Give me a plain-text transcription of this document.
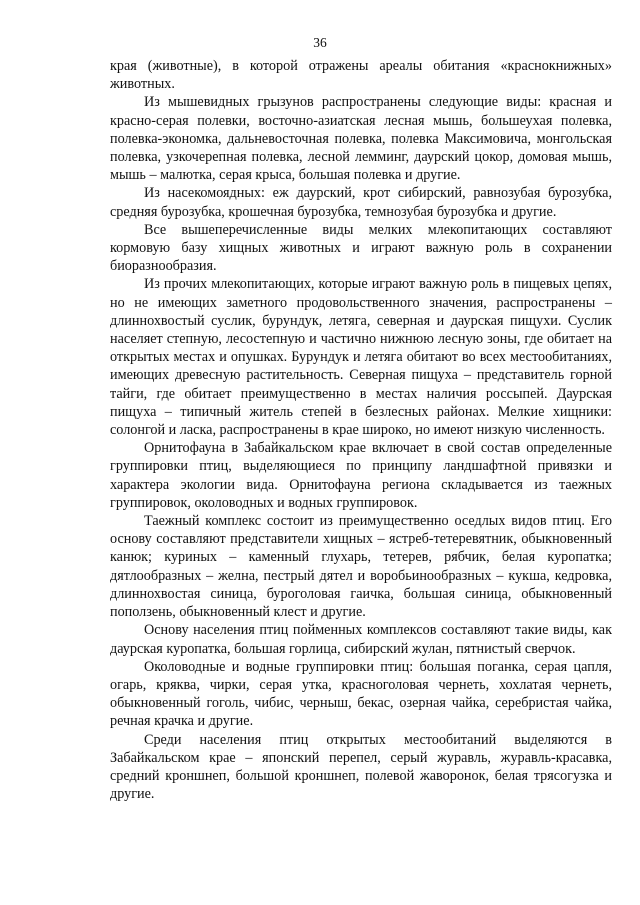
36

края (животные), в которой отражены ареалы обитания «краснокнижных» животных.

Из мышевидных грызунов распространены следующие виды: красная и красно-серая полевки, восточно-азиатская лесная мышь, большеухая полевка, полевка-экономка, дальневосточная полевка, полевка Максимовича, монгольская полевка, узкочерепная полевка, лесной лемминг, даурский цокор, домовая мышь, мышь – малютка, серая крыса, большая полевка и другие.

Из насекомоядных: еж даурский, крот сибирский, равнозубая бурозубка, средняя бурозубка, крошечная бурозубка, темнозубая бурозубка и другие.

Все вышеперечисленные виды мелких млекопитающих составляют кормовую базу хищных животных и играют важную роль в сохранении биоразнообразия.

Из прочих млекопитающих, которые играют важную роль в пищевых цепях, но не имеющих заметного продовольственного значения, распространены – длиннохвостый суслик, бурундук, летяга, северная и даурская пищухи. Суслик населяет степную, лесостепную и частично нижнюю лесную зоны, где обитает на открытых местах и опушках. Бурундук и летяга обитают во всех местообитаниях, имеющих древесную растительность. Северная пищуха – представитель горной тайги, где обитает преимущественно в местах наличия россыпей. Даурская пищуха – типичный житель степей в безлесных районах. Мелкие хищники: солонгой и ласка, распространены в крае широко, но имеют низкую численность.

Орнитофауна в Забайкальском крае включает в свой состав определенные группировки птиц, выделяющиеся по принципу ландшафтной привязки и характера экологии вида. Орнитофауна региона складывается из таежных группировок, околоводных и водных группировок.

Таежный комплекс состоит из преимущественно оседлых видов птиц. Его основу составляют представители хищных – ястреб-тетеревятник, обыкновенный канюк; куриных – каменный глухарь, тетерев, рябчик, белая куропатка; дятлообразных – желна, пестрый дятел и воробьинообразных – кукша, кедровка, длиннохвостая синица, буроголовая гаичка, большая синица, обыкновенный поползень, обыкновенный клест и другие.

Основу населения птиц пойменных комплексов составляют такие виды, как даурская куропатка, большая горлица, сибирский жулан, пятнистый сверчок.

Околоводные и водные группировки птиц: большая поганка, серая цапля, огарь, кряква, чирки, серая утка, красноголовая чернеть, хохлатая чернеть, обыкновенный гоголь, чибис, черныш, бекас, озерная чайка, серебристая чайка, речная крачка и другие.

Среди населения птиц открытых местообитаний выделяются в Забайкальском крае – японский перепел, серый журавль, журавль-красавка, средний кроншнеп, большой кроншнеп, полевой жаворонок, белая трясогузка и другие.
